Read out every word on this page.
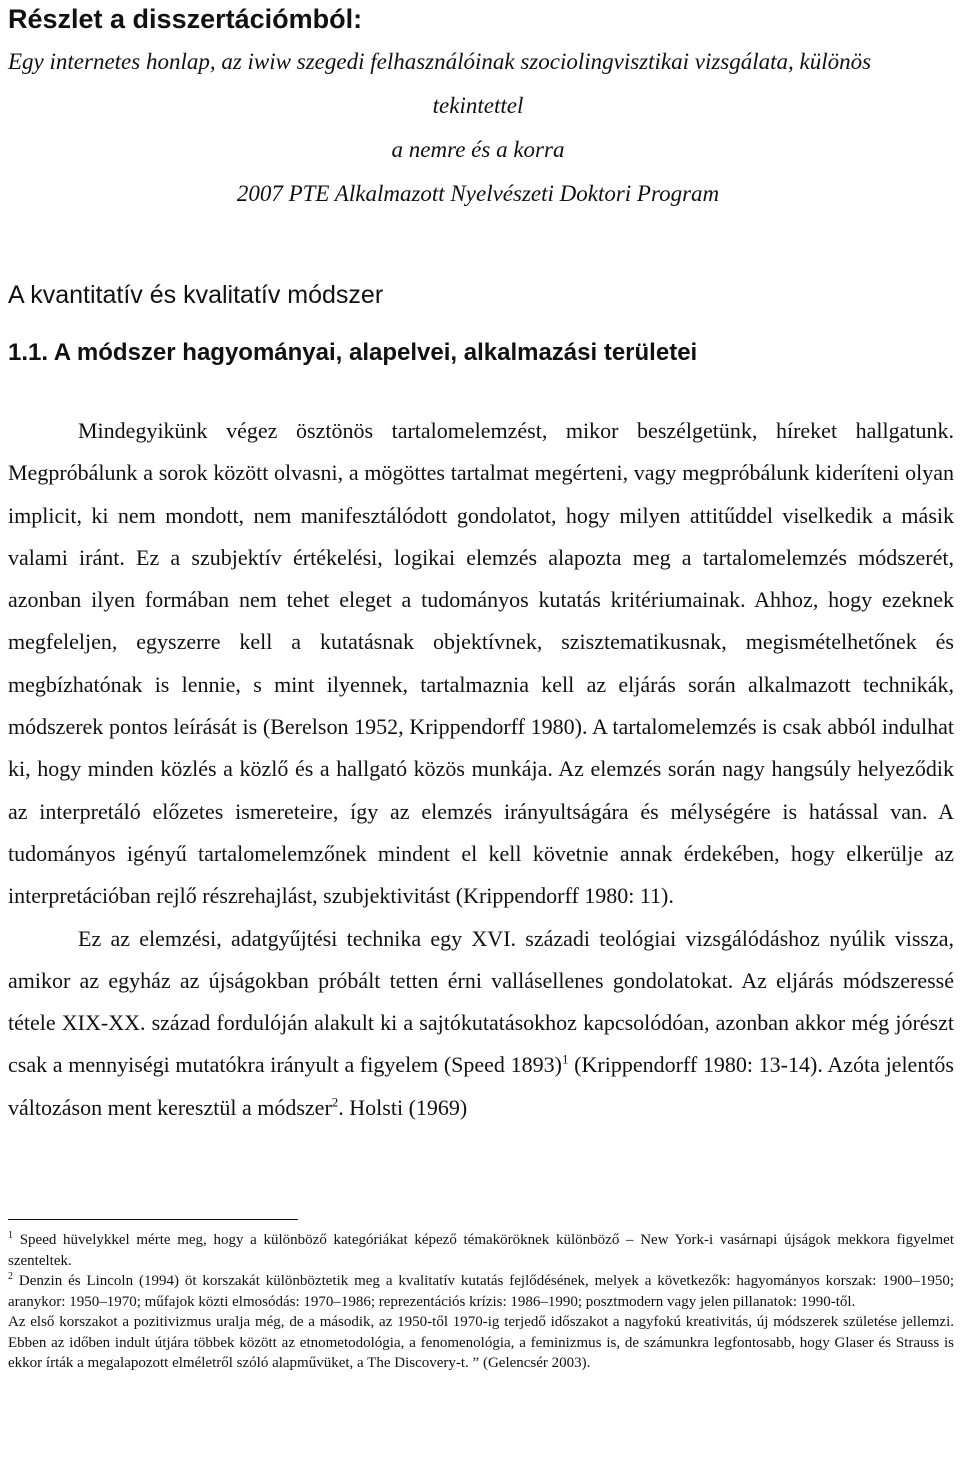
Részlet a disszertációmból:
Egy internetes honlap, az iwiw szegedi felhasználóinak szociolingvisztikai vizsgálata, különös
tekintettel
a nemre és a korra
2007 PTE Alkalmazott Nyelvészeti Doktori Program
A kvantitatív és kvalitatív módszer
1.1. A módszer hagyományai, alapelvei, alkalmazási területei

Mindegyikünk végez ösztönös tartalomelemzést, mikor beszélgetünk, híreket hallgatunk. Megpróbálunk a sorok között olvasni, a mögöttes tartalmat megérteni, vagy megpróbálunk kideríteni olyan implicit, ki nem mondott, nem manifesztálódott gondolatot, hogy milyen attitűddel viselkedik a másik valami iránt. Ez a szubjektív értékelési, logikai elemzés alapozta meg a tartalomelemzés módszerét, azonban ilyen formában nem tehet eleget a tudományos kutatás kritériumainak. Ahhoz, hogy ezeknek megfeleljen, egyszerre kell a kutatásnak objektívnek, szisztematikusnak, megismételhetőnek és megbízhatónak is lennie, s mint ilyennek, tartalmaznia kell az eljárás során alkalmazott technikák, módszerek pontos leírását is (Berelson 1952, Krippendorff 1980). A tartalomelemzés is csak abból indulhat ki, hogy minden közlés a közlő és a hallgató közös munkája. Az elemzés során nagy hangsúly helyeződik az interpretáló előzetes ismereteire, így az elemzés irányultságára és mélységére is hatással van. A tudományos igényű tartalomelemzőnek mindent el kell követnie annak érdekében, hogy elkerülje az interpretációban rejlő részrehajlást, szubjektivitást (Krippendorff 1980: 11).

Ez az elemzési, adatgyűjtési technika egy XVI. századi teológiai vizsgálódáshoz nyúlik vissza, amikor az egyház az újságokban próbált tetten érni vallásellenes gondolatokat. Az eljárás módszeressé tétele XIX-XX. század fordulóján alakult ki a sajtókutatásokhoz kapcsolódóan, azonban akkor még jórészt csak a mennyiségi mutatókra irányult a figyelem (Speed 1893)$^1$ (Krippendorff 1980: 13-14). Azóta jelentős változáson ment keresztül a módszer$^2$. Holsti (1969)

$^1$ Speed hüvelykkel mérte meg, hogy a különböző kategóriákat képező témaköröknek különböző – New York-i vasárnapi újságok mekkora figyelmet szenteltek.

$^2$ Denzin és Lincoln (1994) öt korszakát különböztetik meg a kvalitatív kutatás fejlődésének, melyek a következők: hagyományos korszak: 1900–1950; aranykor: 1950–1970; műfajok közti elmosódás: 1970–1986; reprezentációs krízis: 1986–1990; posztmodern vagy jelen pillanatok: 1990-től.

Az első korszakot a pozitivizmus uralja még, de a második, az 1950-től 1970-ig terjedő időszakot a nagyfokú kreativitás, új módszerek születése jellemzi. Ebben az időben indult útjára többek között az etnometodológia, a fenomenológia, a feminizmus is, de számunkra legfontosabb, hogy Glaser és Strauss is ekkor írták a megalapozott elméletről szóló alapművüket, a The Discovery-t. ” (Gelencsér 2003).
